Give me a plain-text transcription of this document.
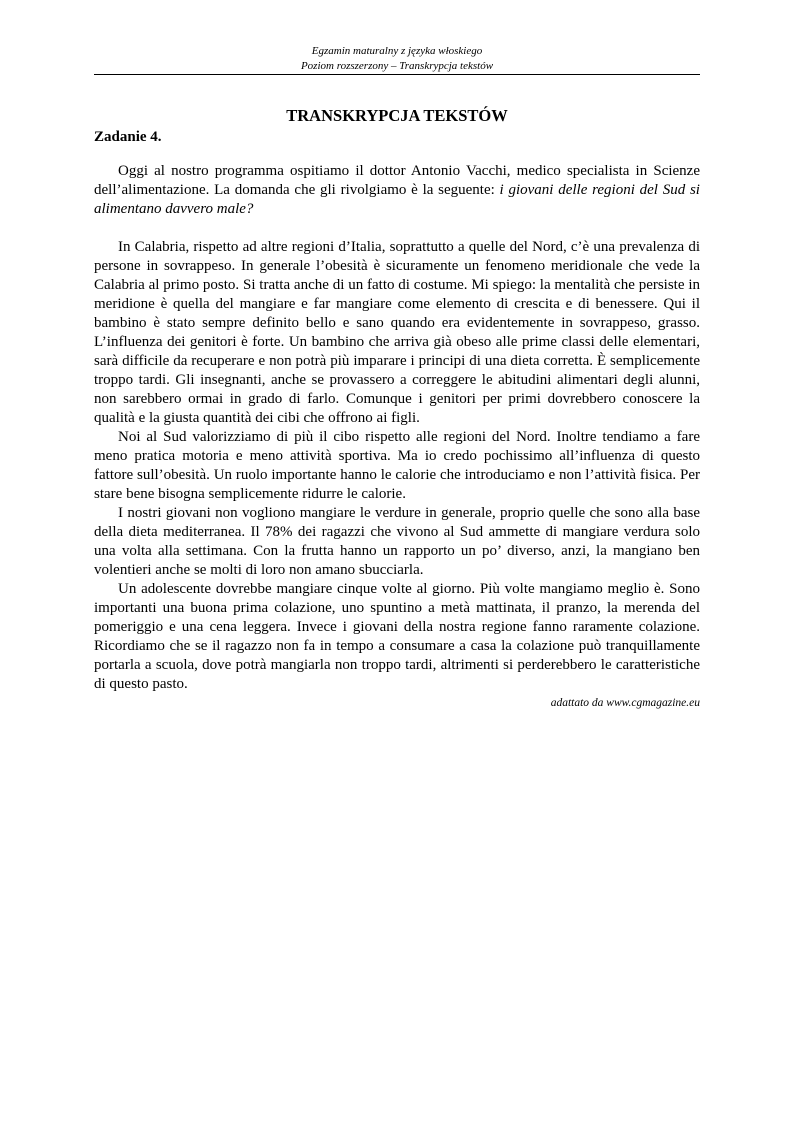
Egzamin maturalny z języka włoskiego
Poziom rozszerzony – Transkrypcja tekstów
TRANSKRYPCJA TEKSTÓW
Zadanie 4.

Oggi al nostro programma ospitiamo il dottor Antonio Vacchi, medico specialista in Scienze dell’alimentazione. La domanda che gli rivolgiamo è la seguente: i giovani delle regioni del Sud si alimentano davvero male?

In Calabria, rispetto ad altre regioni d’Italia, soprattutto a quelle del Nord, c’è una prevalenza di persone in sovrappeso. In generale l’obesità è sicuramente un fenomeno meridionale che vede la Calabria al primo posto. Si tratta anche di un fatto di costume. Mi spiego: la mentalità che persiste in meridione è quella del mangiare e far mangiare come elemento di crescita e di benessere. Qui il bambino è stato sempre definito bello e sano quando era evidentemente in sovrappeso, grasso. L’influenza dei genitori è forte. Un bambino che arriva già obeso alle prime classi delle elementari, sarà difficile da recuperare e non potrà più imparare i principi di una dieta corretta. È semplicemente troppo tardi. Gli insegnanti, anche se provassero a correggere le abitudini alimentari degli alunni, non sarebbero ormai in grado di farlo. Comunque i genitori per primi dovrebbero conoscere la qualità e la giusta quantità dei cibi che offrono ai figli.

Noi al Sud valorizziamo di più il cibo rispetto alle regioni del Nord. Inoltre tendiamo a fare meno pratica motoria e meno attività sportiva. Ma io credo pochissimo all’influenza di questo fattore sull’obesità. Un ruolo importante hanno le calorie che introduciamo e non l’attività fisica. Per stare bene bisogna semplicemente ridurre le calorie.

I nostri giovani non vogliono mangiare le verdure in generale, proprio quelle che sono alla base della dieta mediterranea. Il 78% dei ragazzi che vivono al Sud ammette di mangiare verdura solo una volta alla settimana. Con la frutta hanno un rapporto un po’ diverso, anzi, la mangiano ben volentieri anche se molti di loro non amano sbucciarla.

Un adolescente dovrebbe mangiare cinque volte al giorno. Più volte mangiamo meglio è. Sono importanti una buona prima colazione, uno spuntino a metà mattinata, il pranzo, la merenda del pomeriggio e una cena leggera. Invece i giovani della nostra regione fanno raramente colazione. Ricordiamo che se il ragazzo non fa in tempo a consumare a casa la colazione può tranquillamente portarla a scuola, dove potrà mangiarla non troppo tardi, altrimenti si perderebbero le caratteristiche di questo pasto.

adattato da www.cgmagazine.eu
